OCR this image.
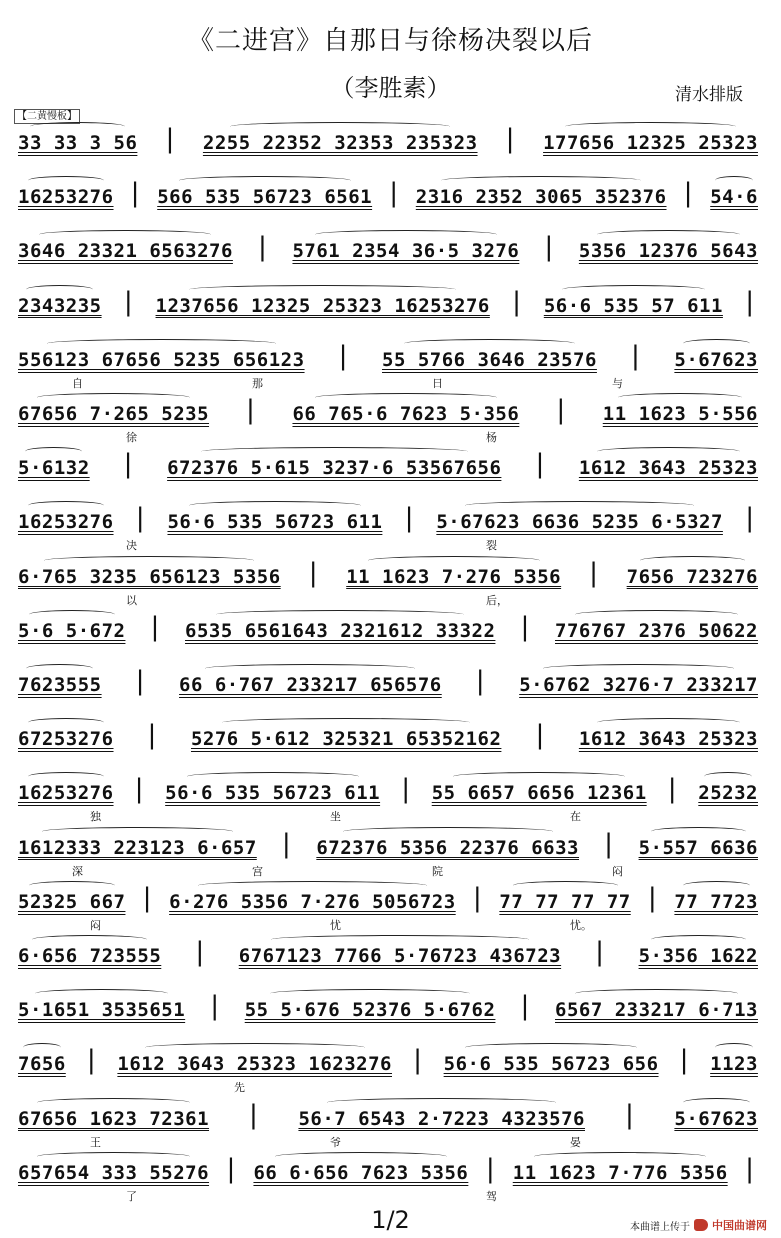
《二进宫》自那日与徐杨决裂以后
（李胜素）	清水排版
【二黄慢板】
33 33 3 56 | 2255 22352 32353 235323 | 177656 12325 25323
16253276 | 566 535 56723 6561 | 2316 2352 3065 352376 | 54·6
3646 23321 6563276 | 5761 2354 36·5 3276 | 5356 12376 5643
2343235 | 1237656 12325 25323 16253276 | 56·6 535 57 611 |
556123 67656 5235 656123 | 55 5766 3646 23576 | 5·67623
自	那	日	与
67656 7·265 5235 | 66 765·6 7623 5·356 | 11 1623 5·556
徐	杨
5·6132 | 672376 5·615 3237·6 53567656 | 1612 3643 25323
16253276 | 56·6 535 56723 611 | 5·67623 6636 5235 6·5327 |
决	裂
6·765 3235 656123 5356 | 11 1623 7·276 5356 | 7656 723276
以	后，
5·6 5·672 | 6535 6561643 2321612 33322 | 776767 2376 50622
7623555 | 66 6·767 233217 656576 | 5·6762 3276·7 233217
67253276 | 5276 5·612 325321 65352162 | 1612 3643 25323
16253276 | 56·6 535 56723 611 | 55 6657 6656 12361 | 25232
独	坐	在
1612333 223123 6·657 | 672376 5356 22376 6633 | 5·557 6636
深	宫	院	闷
52325 667 | 6·276 5356 7·276 5056723 | 77 77 77 77 | 77 7723
闷	忧	忧。
6·656 723555 | 6767123 7766 5·76723 436723 | 5·356 1622
5·1651 3535651 | 55 5·676 52376 5·6762 | 6567 233217 6·713
7656 | 1612 3643 25323 1623276 | 56·6 535 56723 656 | 1123
先
67656 1623 72361 | 56·7 6543 2·7223 4323576 | 5·67623
王	爷	晏
657654 333 55276 | 66 6·656 7623 5356 | 11 1623 7·776 5356 |
了	驾
1/2	本曲谱上传于 中国曲谱网
